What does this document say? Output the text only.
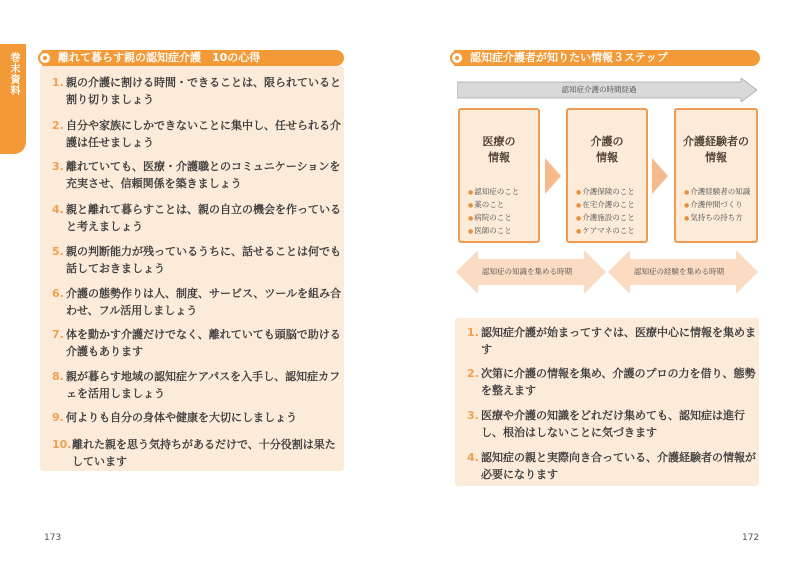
巻末資料	離れて暮らす親の認知症介護　10の心得
1. 親の介護に割ける時間・できることは、限られていると割り切りましょう
2. 自分や家族にしかできないことに集中し、任せられる介護は任せましょう
3. 離れていても、医療・介護職とのコミュニケーションを充実させ、信頼関係を築きましょう
4. 親と離れて暮らすことは、親の自立の機会を作っていると考えましょう
5. 親の判断能力が残っているうちに、話せることは何でも話しておきましょう
6. 介護の態勢作りは人、制度、サービス、ツールを組み合わせ、フル活用しましょう
7. 体を動かす介護だけでなく、離れていても頭脳で助ける介護もあります
8. 親が暮らす地域の認知症ケアパスを入手し、認知症カフェを活用しましょう
9. 何よりも自分の身体や健康を大切にしましょう
10. 離れた親を思う気持ちがあるだけで、十分役割は果たしています
173
認知症介護者が知りたい情報３ステップ
認知症介護の時間経過
医療の
情報
● 認知症のこと
● 薬のこと
● 病院のこと
● 医師のこと
介護の
情報
● 介護保険のこと
● 在宅介護のこと
● 介護施設のこと
● ケアマネのこと
介護経験者の
情報
● 介護経験者の知識
● 介護仲間づくり
● 気持ちの持ち方
認知症の知識を集める時期	認知症の経験を集める時期
1. 認知症介護が始まってすぐは、医療中心に情報を集めます
2. 次第に介護の情報を集め、介護のプロの力を借り、態勢を整えます
3. 医療や介護の知識をどれだけ集めても、認知症は進行し、根治はしないことに気づきます
4. 認知症の親と実際向き合っている、介護経験者の情報が必要になります
172
